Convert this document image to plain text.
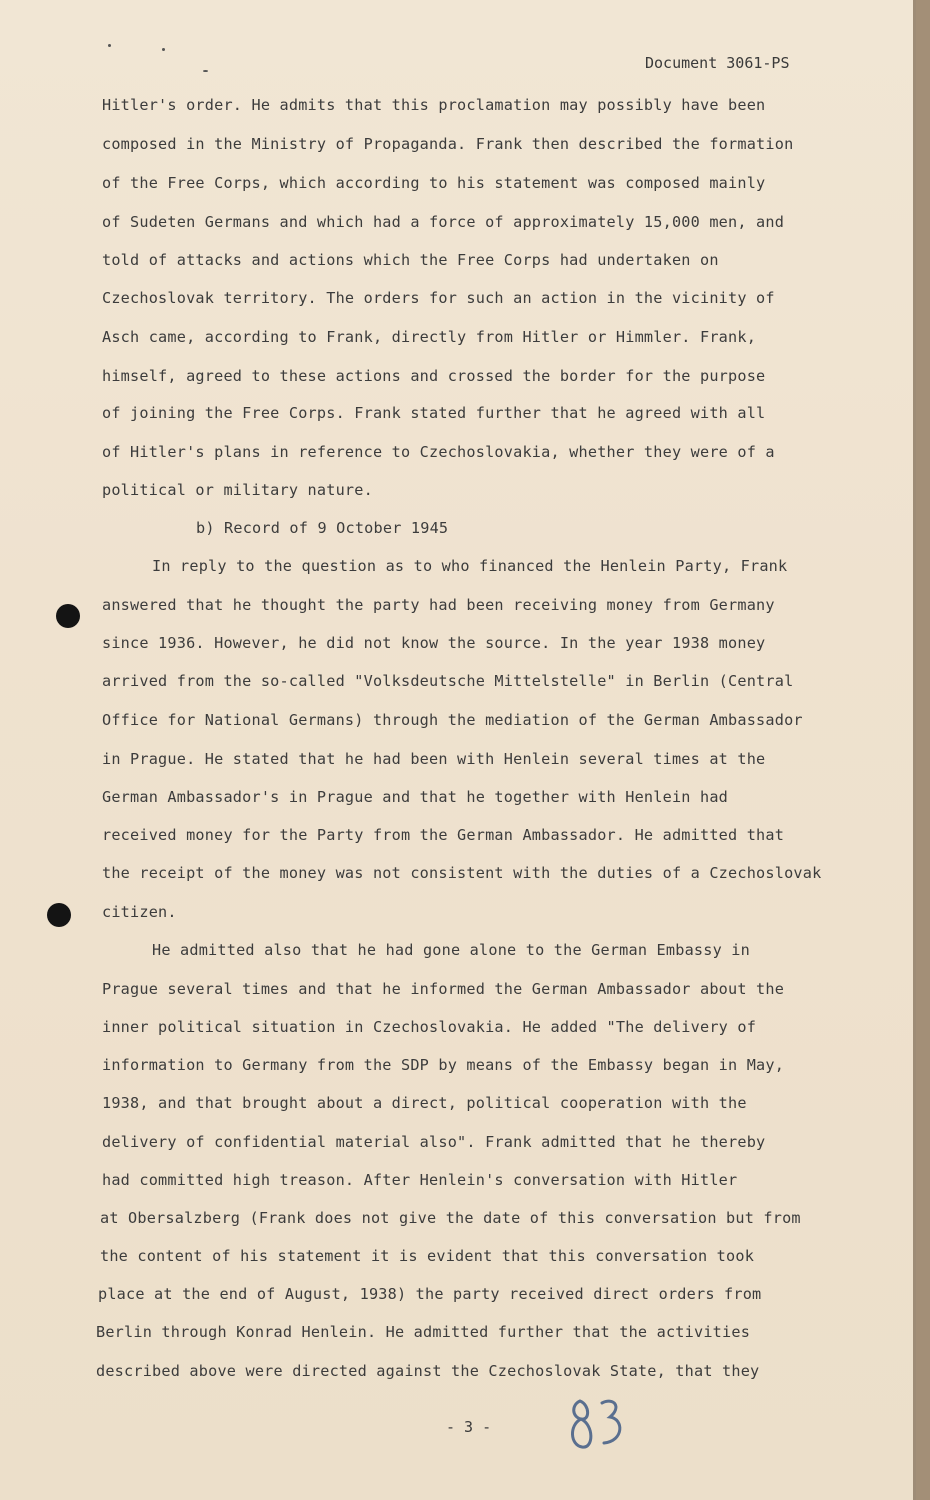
Document 3061-PS
Hitler's order. He admits that this proclamation may possibly have been
composed in the Ministry of Propaganda. Frank then described the formation
of the Free Corps, which according to his statement was composed mainly
of Sudeten Germans and which had a force of approximately 15,000 men, and
told of attacks and actions which the Free Corps had undertaken on
Czechoslovak territory. The orders for such an action in the vicinity of
Asch came, according to Frank, directly from Hitler or Himmler. Frank,
himself, agreed to these actions and crossed the border for the purpose
of joining the Free Corps. Frank stated further that he agreed with all
of Hitler's plans in reference to Czechoslovakia, whether they were of a
political or military nature.
b) Record of 9 October 1945
In reply to the question as to who financed the Henlein Party, Frank
answered that he thought the party had been receiving money from Germany
since 1936. However, he did not know the source. In the year 1938 money
arrived from the so-called "Volksdeutsche Mittelstelle" in Berlin (Central
Office for National Germans) through the mediation of the German Ambassador
in Prague. He stated that he had been with Henlein several times at the
German Ambassador's in Prague and that he together with Henlein had
received money for the Party from the German Ambassador. He admitted that
the receipt of the money was not consistent with the duties of a Czechoslovak
citizen.
He admitted also that he had gone alone to the German Embassy in
Prague several times and that he informed the German Ambassador about the
inner political situation in Czechoslovakia. He added "The delivery of
information to Germany from the SDP by means of the Embassy began in May,
1938, and that brought about a direct, political cooperation with the
delivery of confidential material also". Frank admitted that he thereby
had committed high treason. After Henlein's conversation with Hitler
at Obersalzberg (Frank does not give the date of this conversation but from
the content of his statement it is evident that this conversation took
place at the end of August, 1938) the party received direct orders from
Berlin through Konrad Henlein. He admitted further that the activities
described above were directed against the Czechoslovak State, that they
- 3 -
